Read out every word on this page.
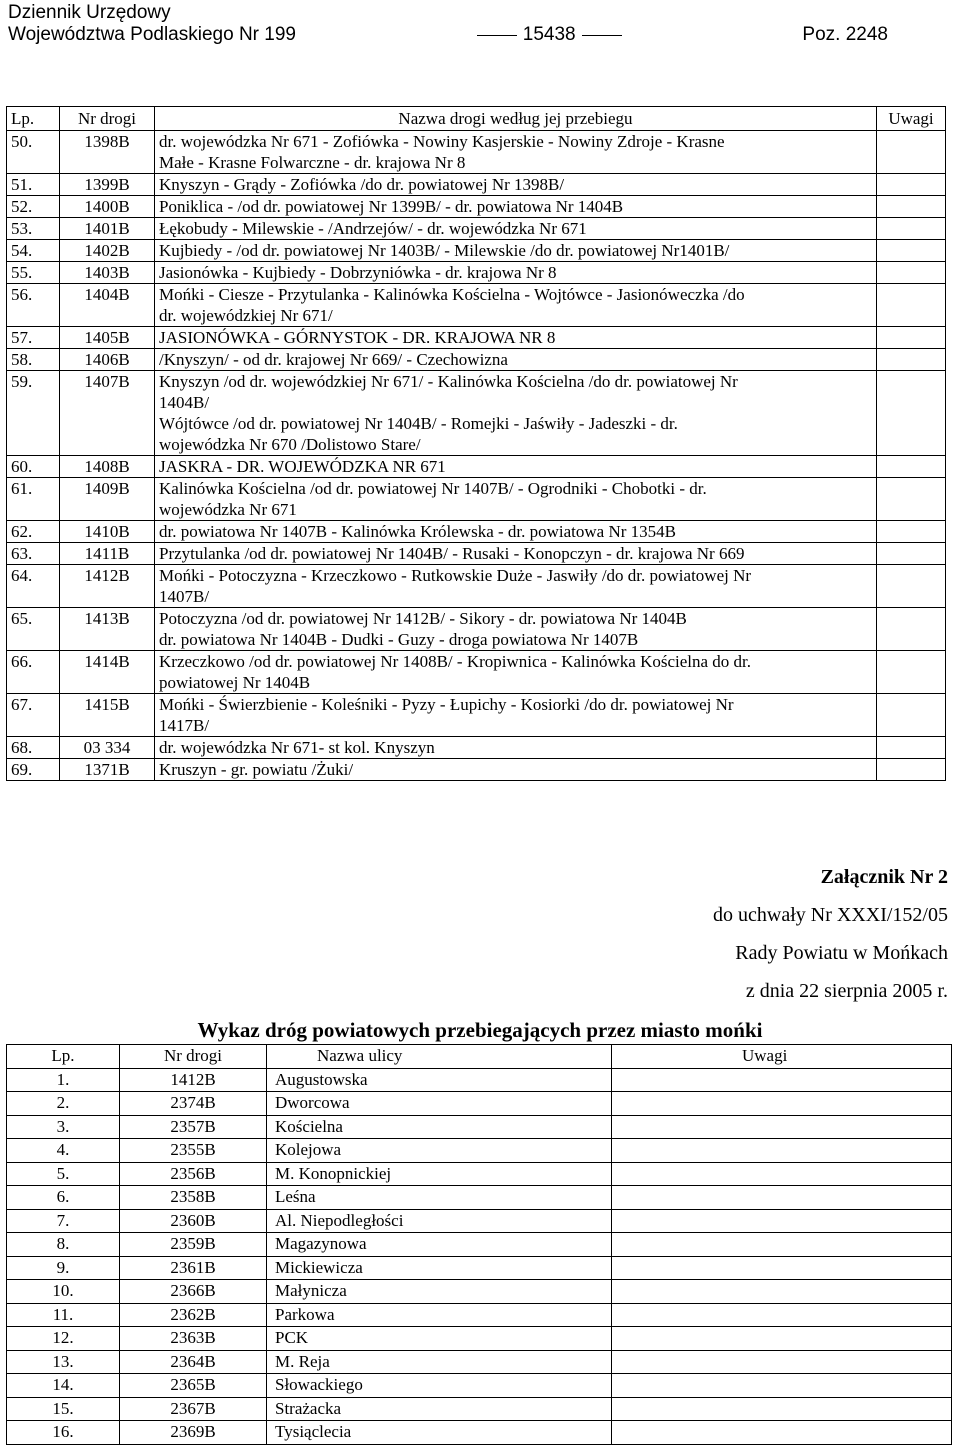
Dziennik Urzędowy
Województwa Podlaskiego Nr 199	15438	Poz. 2248
Lp.	Nr drogi	Nazwa drogi według jej przebiegu	Uwagi
50.	1398B	dr. wojewódzka Nr 671 - Zofiówka - Nowiny Kasjerskie - Nowiny Zdroje - Krasne
Małe - Krasne Folwarczne - dr. krajowa Nr 8	

51.	1399B	Knyszyn - Grądy - Zofiówka /do dr. powiatowej Nr 1398B/	

52.	1400B	Poniklica - /od dr. powiatowej Nr 1399B/ - dr. powiatowa Nr 1404B	

53.	1401B	Łękobudy - Milewskie - /Andrzejów/ - dr. wojewódzka Nr 671	

54.	1402B	Kujbiedy - /od dr. powiatowej Nr 1403B/ - Milewskie /do dr. powiatowej Nr1401B/	

55.	1403B	Jasionówka - Kujbiedy - Dobrzyniówka - dr. krajowa Nr 8	

56.	1404B	Mońki - Ciesze - Przytulanka - Kalinówka Kościelna - Wojtówce - Jasionóweczka /do
dr. wojewódzkiej Nr 671/	

57.	1405B	JASIONÓWKA - GÓRNYSTOK - DR. KRAJOWA NR 8	

58.	1406B	/Knyszyn/ - od dr. krajowej Nr 669/ - Czechowizna	

59.	1407B	Knyszyn /od dr. wojewódzkiej Nr 671/ - Kalinówka Kościelna /do dr. powiatowej Nr
1404B/
Wójtówce /od dr. powiatowej Nr 1404B/ - Romejki - Jaświły - Jadeszki - dr.
wojewódzka Nr 670 /Dolistowo Stare/	

60.	1408B	JASKRA - DR. WOJEWÓDZKA NR 671	

61.	1409B	Kalinówka Kościelna /od dr. powiatowej Nr 1407B/ - Ogrodniki - Chobotki - dr.
wojewódzka Nr 671	

62.	1410B	dr. powiatowa Nr 1407B - Kalinówka Królewska - dr. powiatowa Nr 1354B	

63.	1411B	Przytulanka /od dr. powiatowej Nr 1404B/ - Rusaki - Konopczyn - dr. krajowa Nr 669	

64.	1412B	Mońki - Potoczyzna - Krzeczkowo - Rutkowskie Duże - Jaswiły /do dr. powiatowej Nr
1407B/	

65.	1413B	Potoczyzna /od dr. powiatowej Nr 1412B/ - Sikory - dr. powiatowa Nr 1404B
dr. powiatowa Nr 1404B - Dudki - Guzy - droga powiatowa Nr 1407B	

66.	1414B	Krzeczkowo /od dr. powiatowej Nr 1408B/ - Kropiwnica - Kalinówka Kościelna do dr.
powiatowej Nr 1404B	

67.	1415B	Mońki - Świerzbienie - Koleśniki - Pyzy - Łupichy - Kosiorki /do dr. powiatowej Nr
1417B/	

68.	03 334	dr. wojewódzka Nr 671- st kol. Knyszyn	

69.	1371B	Kruszyn - gr. powiatu /Żuki/	

Załącznik Nr 2
do uchwały Nr XXXI/152/05
Rady Powiatu w Mońkach
z dnia 22 sierpnia 2005 r.
Wykaz dróg powiatowych przebiegających przez miasto mońki
Lp.	Nr drogi	Nazwa ulicy	Uwagi
1.	1412B	Augustowska	
2.	2374B	Dworcowa	
3.	2357B	Kościelna	
4.	2355B	Kolejowa	
5.	2356B	M. Konopnickiej	
6.	2358B	Leśna	
7.	2360B	Al. Niepodległości	
8.	2359B	Magazynowa	
9.	2361B	Mickiewicza	
10.	2366B	Małynicza	
11.	2362B	Parkowa	
12.	2363B	PCK	
13.	2364B	M. Reja	
14.	2365B	Słowackiego	
15.	2367B	Strażacka	
16.	2369B	Tysiąclecia	
